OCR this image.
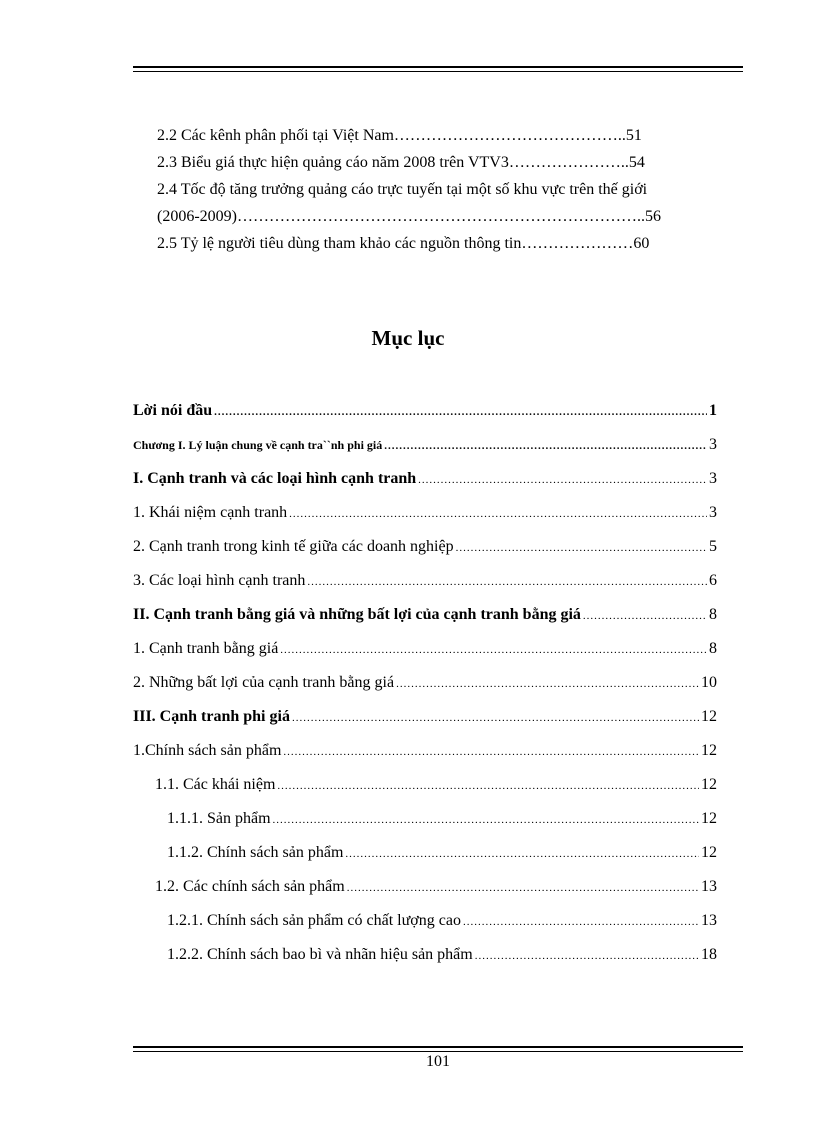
2.2 Các kênh phân phối tại Việt Nam……………………………………..51
2.3 Biểu giá thực hiện quảng cáo năm 2008 trên VTV3…………………..54
2.4 Tốc độ tăng trưởng quảng cáo trực tuyến tại một số khu vực trên thế giới
(2006-2009)…………………………………………………………………..56
2.5 Tỷ lệ người tiêu dùng tham khảo các nguồn thông tin…………………60
Mục lục
Lời nói đầu .....	1
Chương I. Lý luận chung về cạnh tra``nh phi giá .....	3
I. Cạnh tranh và các loại hình cạnh tranh .....	3
1. Khái niệm cạnh tranh .....	3
2. Cạnh tranh trong kinh tế giữa các doanh nghiệp .....	5
3. Các loại hình cạnh tranh .....	6
II. Cạnh tranh bằng giá và những bất lợi của cạnh tranh bằng giá .....	8
1. Cạnh tranh bằng giá .....	8
2. Những bất lợi của cạnh tranh bằng giá .....	10
III. Cạnh tranh phi giá .....	12
1.Chính sách sản phẩm .....	12
1.1. Các khái niệm .....	12
1.1.1. Sản phẩm .....	12
1.1.2. Chính sách sản phẩm .....	12
1.2. Các chính sách sản phẩm .....	13
1.2.1. Chính sách sản phẩm có chất lượng cao .....	13
1.2.2. Chính sách bao bì và nhãn hiệu sản phẩm .....	18
101
